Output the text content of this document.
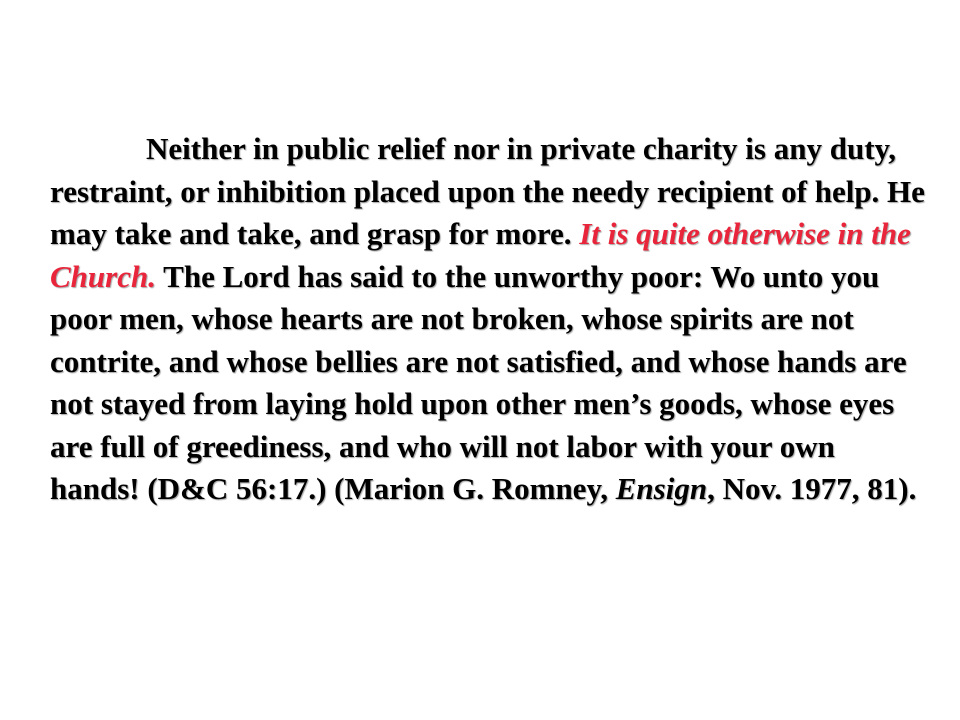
Neither in public relief nor in private charity is any duty, restraint, or inhibition placed upon the needy recipient of help. He may take and take, and grasp for more. It is quite otherwise in the Church. The Lord has said to the unworthy poor: Wo unto you poor men, whose hearts are not broken, whose spirits are not contrite, and whose bellies are not satisfied, and whose hands are not stayed from laying hold upon other men’s goods, whose eyes are full of greediness, and who will not labor with your own hands! (D&C 56:17.) (Marion G. Romney, Ensign, Nov. 1977, 81).
